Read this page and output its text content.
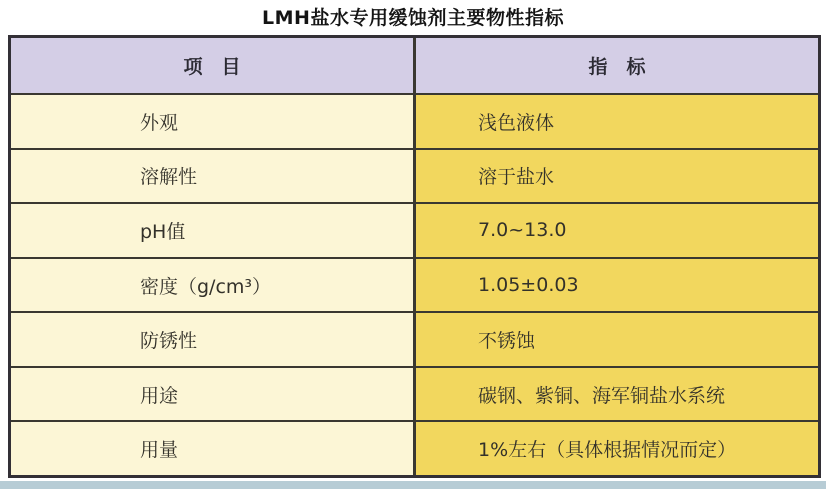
LMH盐水专用缓蚀剂主要物性指标
项　目	指　标
外观	浅色液体
溶解性	溶于盐水
pH值	7.0~13.0
密度（g/cm³）	1.05±0.03
防锈性	不锈蚀
用途	碳钢、紫铜、海军铜盐水系统
用量	1%左右（具体根据情况而定）
